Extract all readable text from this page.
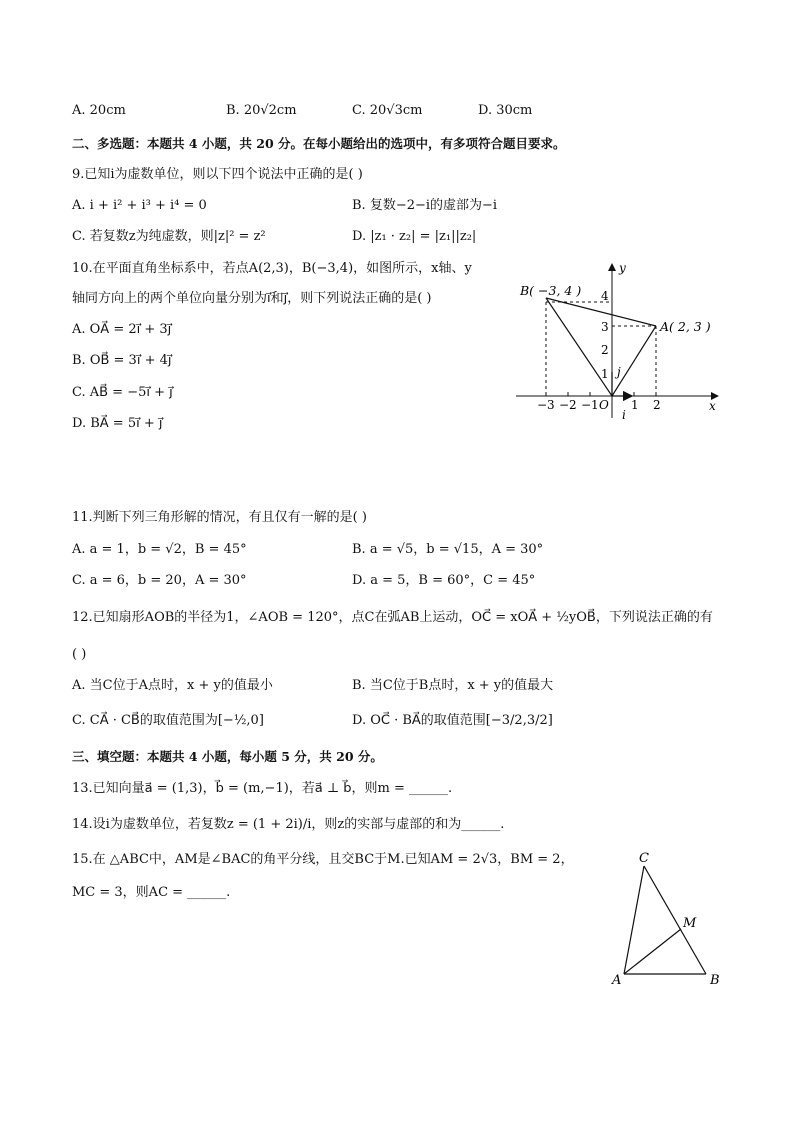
A. 20cm	B. 20√2cm	C. 20√3cm	D. 30cm
二、多选题：本题共 4 小题，共 20 分。在每小题给出的选项中，有多项符合题目要求。
9.已知i为虚数单位，则以下四个说法中正确的是( )
A. i + i² + i³ + i⁴ = 0	B. 复数−2−i的虚部为−i
C. 若复数z为纯虚数，则|z|² = z²	D. |z₁ · z₂| = |z₁||z₂|
10.在平面直角坐标系中，若点A(2,3)，B(−3,4)，如图所示，x轴、y
轴同方向上的两个单位向量分别为i⃗和j⃗，则下列说法正确的是( )
A. OA⃗ = 2i⃗ + 3j⃗
B. OB⃗ = 3i⃗ + 4j⃗
C. AB⃗ = −5i⃗ + j⃗
D. BA⃗ = 5i⃗ + j⃗
x
y
−3 −2 −1 O 1 2
1
2
3
4
i
j
B( −3, 4 )
A( 2, 3 )
11.判断下列三角形解的情况，有且仅有一解的是( )
A. a = 1，b = √2，B = 45°	B. a = √5，b = √15，A = 30°
C. a = 6，b = 20，A = 30°	D. a = 5，B = 60°，C = 45°
12.已知扇形AOB的半径为1，∠AOB = 120°，点C在弧AB上运动，OC⃗ = xOA⃗ + ½yOB⃗，下列说法正确的有
( )
A. 当C位于A点时，x + y的值最小	B. 当C位于B点时，x + y的值最大
C. CA⃗ · CB⃗的取值范围为[−½,0]	D. OC⃗ · BA⃗的取值范围[−3/2,3/2]
三、填空题：本题共 4 小题，每小题 5 分，共 20 分。
13.已知向量a⃗ = (1,3)，b⃗ = (m,−1)，若a⃗ ⊥ b⃗，则m = ______.
14.设i为虚数单位，若复数z = (1 + 2i)/i，则z的实部与虚部的和为______.
15.在 △ABC中，AM是∠BAC的角平分线，且交BC于M.已知AM = 2√3，BM = 2，
MC = 3，则AC = ______.
C
M
A	B
